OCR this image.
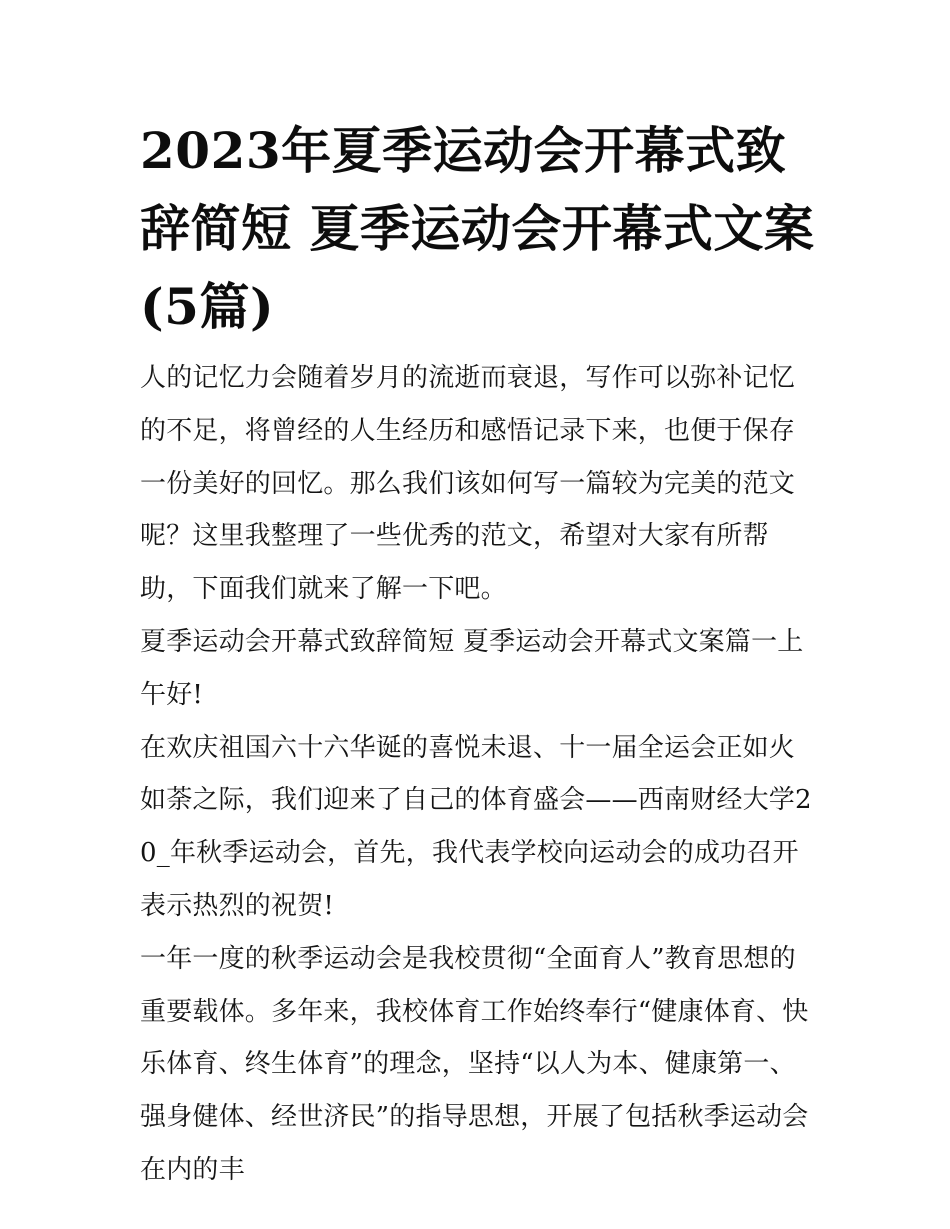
2023年夏季运动会开幕式致辞简短 夏季运动会开幕式文案(5篇)

人的记忆力会随着岁月的流逝而衰退，写作可以弥补记忆的不足，将曾经的人生经历和感悟记录下来，也便于保存一份美好的回忆。那么我们该如何写一篇较为完美的范文呢？这里我整理了一些优秀的范文，希望对大家有所帮助，下面我们就来了解一下吧。

夏季运动会开幕式致辞简短 夏季运动会开幕式文案篇一上午好!

在欢庆祖国六十六华诞的喜悦未退、十一届全运会正如火如荼之际，我们迎来了自己的体育盛会——西南财经大学20_年秋季运动会，首先，我代表学校向运动会的成功召开表示热烈的祝贺!

一年一度的秋季运动会是我校贯彻“全面育人”教育思想的重要载体。多年来，我校体育工作始终奉行“健康体育、快乐体育、终生体育”的理念，坚持“以人为本、健康第一、强身健体、经世济民”的指导思想，开展了包括秋季运动会在内的丰
